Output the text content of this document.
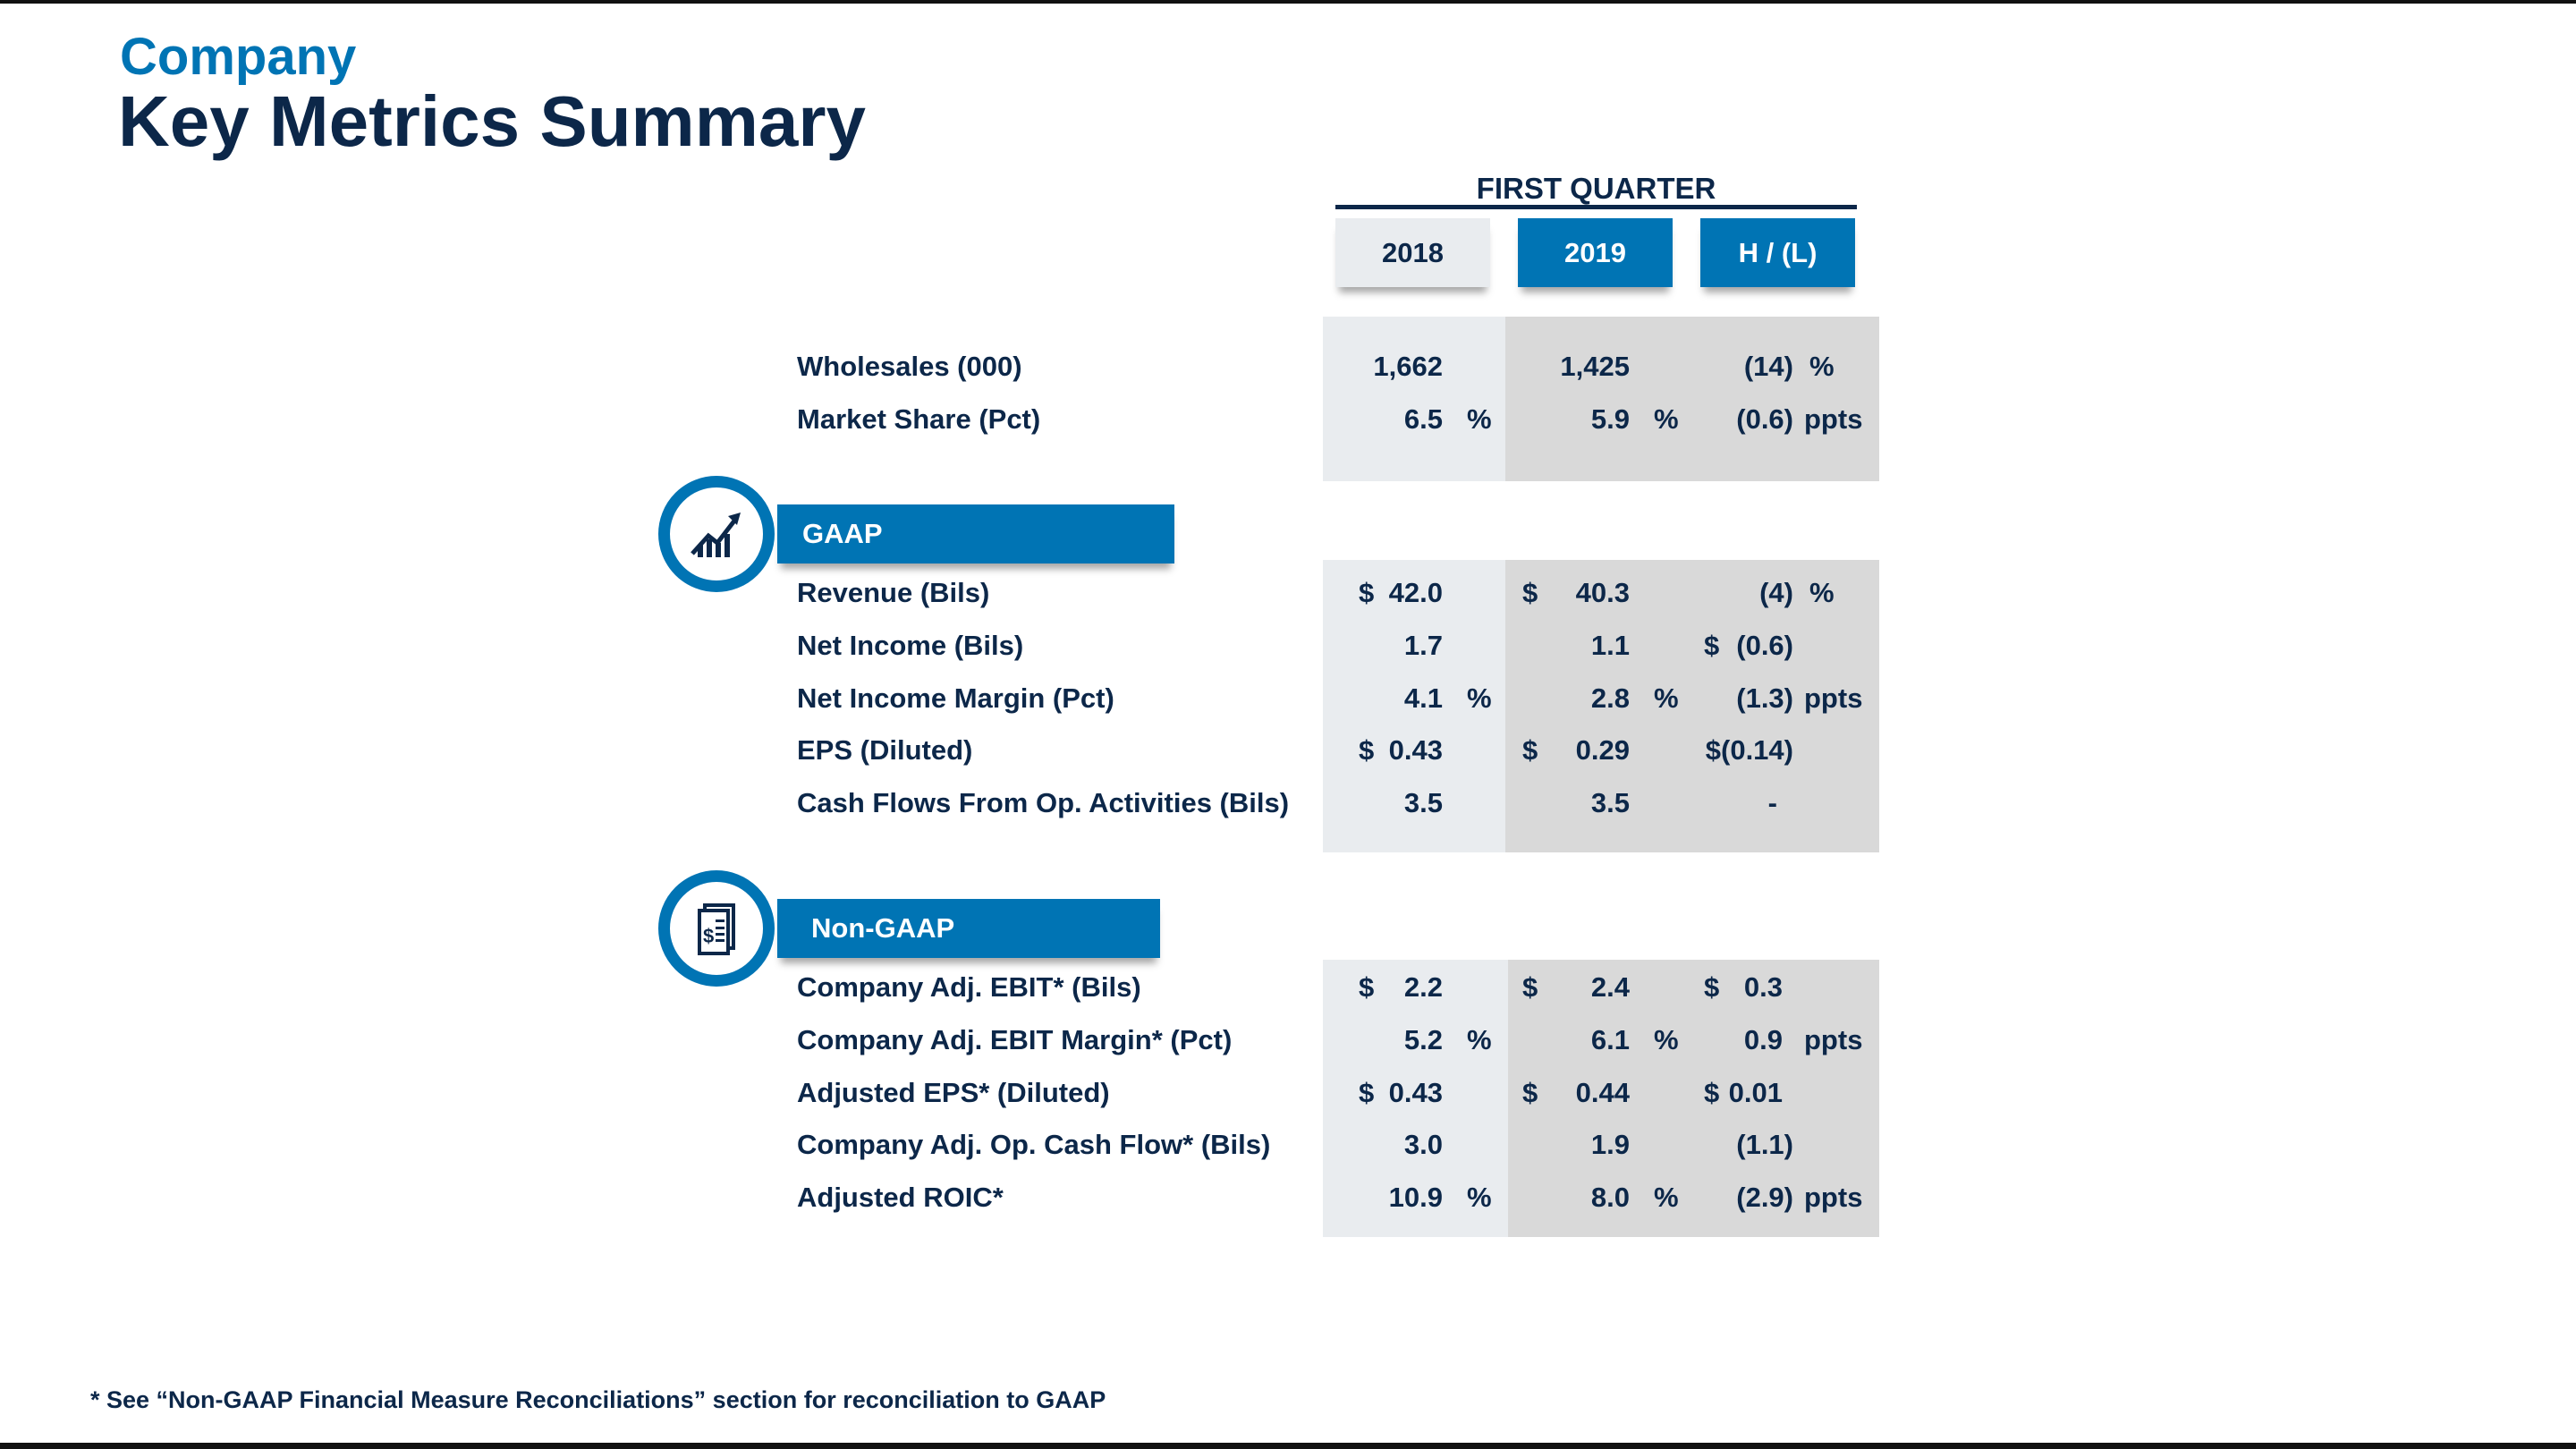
Company
Key Metrics Summary
FIRST QUARTER
2018	2019	H / (L)
GAAP
Non-GAAP
$
Wholesales (000)	1,662	1,425	(14) %
Market Share (Pct)	6.5 %	5.9 % (0.6) ppts
Revenue (Bils)	$ 42.0	$ 40.3	(4) %
Net Income (Bils)	1.7	1.1	$ (0.6)
Net Income Margin (Pct)	4.1 %	2.8 % (1.3) ppts
EPS (Diluted)	$ 0.43	$ 0.29	$(0.14)
Cash Flows From Op. Activities (Bils)	3.5	3.5	-
Company Adj. EBIT* (Bils)	$ 2.2	$ 2.4	$ 0.3
Company Adj. EBIT Margin* (Pct)	5.2 %	6.1 % 0.9 ppts
Adjusted EPS* (Diluted)	$ 0.43	$ 0.44	$ 0.01
Company Adj. Op. Cash Flow* (Bils)	3.0	1.9	(1.1)
Adjusted ROIC*	10.9 %	8.0 % (2.9) ppts
* See “Non-GAAP Financial Measure Reconciliations” section for reconciliation to GAAP
